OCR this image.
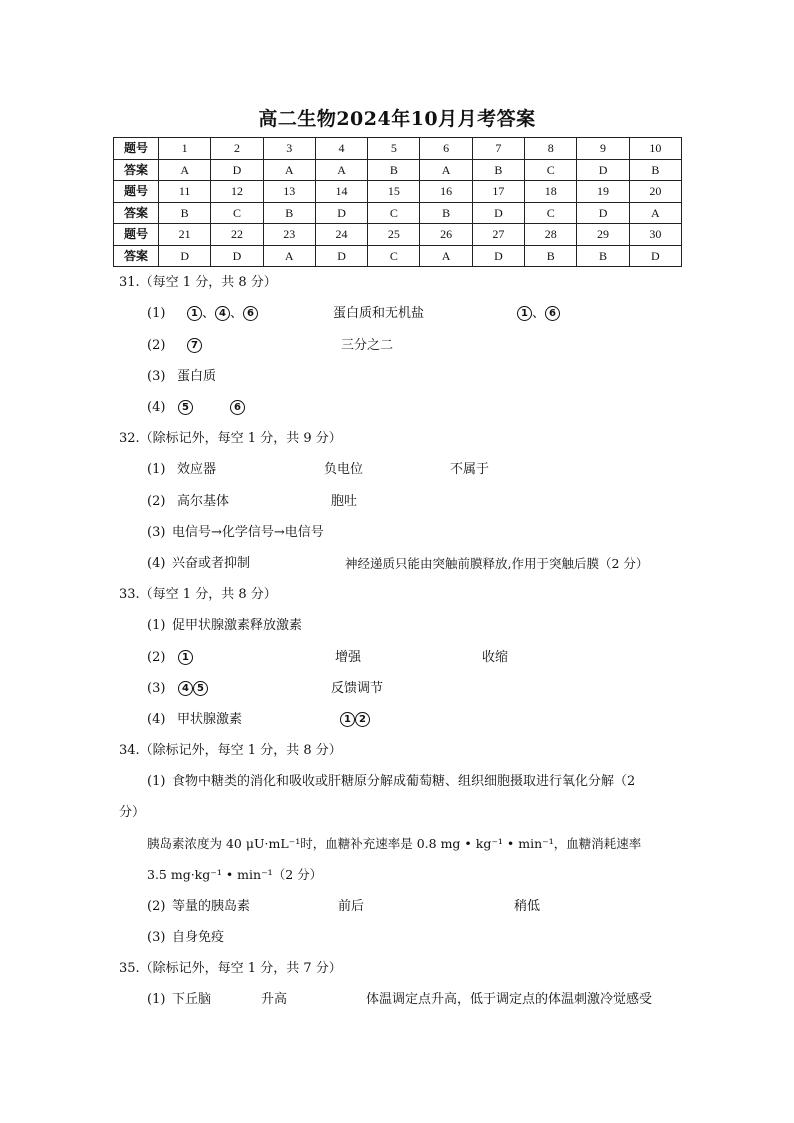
高二生物2024年10月月考答案
题号	1	2	3	4	5	6	7	8	9	10
答案	A	D	A	A	B	A	B	C	D	B
题号	11	12	13	14	15	16	17	18	19	20
答案	B	C	B	D	C	B	D	C	D	A
题号	21	22	23	24	25	26	27	28	29	30
答案	D	D	A	D	C	A	D	B	B	D
31.（每空 1 分，共 8 分）
(1)	1 、 4 、 6	蛋白质和无机盐	1 、 6
(2)	7	三分之二
(3) 蛋白质
(4)	5	6
32.（除标记外，每空 1 分，共 9 分）
(1) 效应器	负电位	不属于
(2) 高尔基体	胞吐
(3) 电信号→化学信号→电信号
(4) 兴奋或者抑制	神经递质只能由突触前膜释放,作用于突触后膜（2 分）
33.（每空 1 分，共 8 分）
(1) 促甲状腺激素释放激素
(2)	1	增强	收缩
(3)	4 5	反馈调节
(4) 甲状腺激素	1 2
34.（除标记外，每空 1 分，共 8 分）
(1) 食物中糖类的消化和吸收或肝糖原分解成葡萄糖、组织细胞摄取进行氧化分解（2
分）
胰岛素浓度为 40 μU·mL⁻¹时，血糖补充速率是 0.8 mg • kg⁻¹ • min⁻¹，血糖消耗速率
3.5 mg·kg⁻¹ • min⁻¹（2 分）
(2) 等量的胰岛素	前后	稍低
(3) 自身免疫
35.（除标记外，每空 1 分，共 7 分）
(1) 下丘脑	升高	体温调定点升高，低于调定点的体温刺激冷觉感受
